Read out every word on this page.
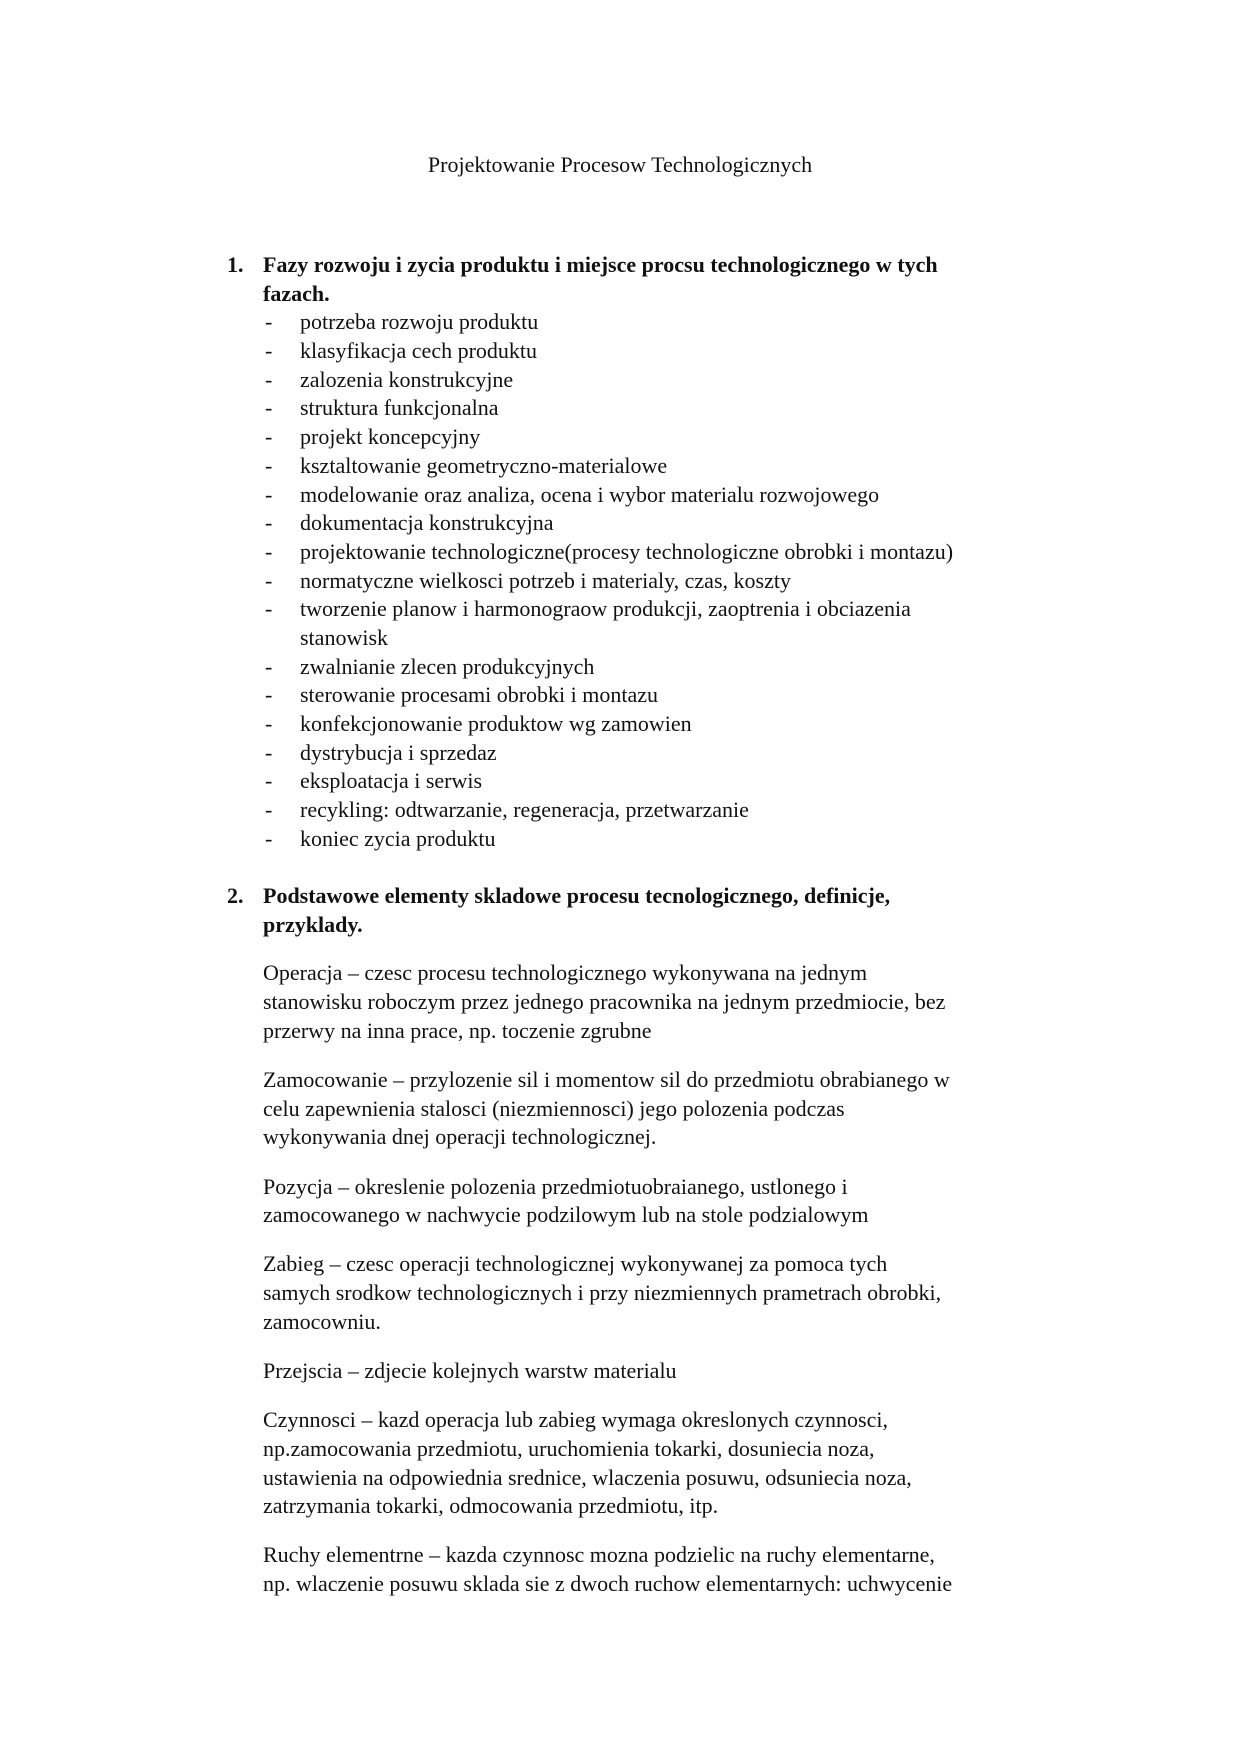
Projektowanie Procesow Technologicznych
Fazy rozwoju i zycia produktu i miejsce procsu technologicznego w tych
1.
fazach.
- potrzeba rozwoju produktu
- klasyfikacja cech produktu
- zalozenia konstrukcyjne
- struktura funkcjonalna
- projekt koncepcyjny
- ksztaltowanie geometryczno-materialowe
- modelowanie oraz analiza, ocena i wybor materialu rozwojowego
- dokumentacja konstrukcyjna
- projektowanie technologiczne(procesy technologiczne obrobki i montazu)
- normatyczne wielkosci potrzeb i materialy, czas, koszty
- tworzenie planow i harmonograow produkcji, zaoptrenia i obciazenia
stanowisk
- zwalnianie zlecen produkcyjnych
- sterowanie procesami obrobki i montazu
- konfekcjonowanie produktow wg zamowien
- dystrybucja i sprzedaz
- eksploatacja i serwis
- recykling: odtwarzanie, regeneracja, przetwarzanie
- koniec zycia produktu
Podstawowe elementy skladowe procesu tecnologicznego, definicje,
2.
przyklady.
Operacja – czesc procesu technologicznego wykonywana na jednym
stanowisku roboczym przez jednego pracownika na jednym przedmiocie, bez
przerwy na inna prace, np. toczenie zgrubne
Zamocowanie – przylozenie sil i momentow sil do przedmiotu obrabianego w
celu zapewnienia stalosci (niezmiennosci) jego polozenia podczas
wykonywania dnej operacji technologicznej.
Pozycja – okreslenie polozenia przedmiotuobraianego, ustlonego i
zamocowanego w nachwycie podzilowym lub na stole podzialowym
Zabieg – czesc operacji technologicznej wykonywanej za pomoca tych
samych srodkow technologicznych i przy niezmiennych prametrach obrobki,
zamocowniu.
Przejscia – zdjecie kolejnych warstw materialu
Czynnosci – kazd operacja lub zabieg wymaga okreslonych czynnosci,
np.zamocowania przedmiotu, uruchomienia tokarki, dosuniecia noza,
ustawienia na odpowiednia srednice, wlaczenia posuwu, odsuniecia noza,
zatrzymania tokarki, odmocowania przedmiotu, itp.
Ruchy elementrne – kazda czynnosc mozna podzielic na ruchy elementarne,
np. wlaczenie posuwu sklada sie z dwoch ruchow elementarnych: uchwycenie
